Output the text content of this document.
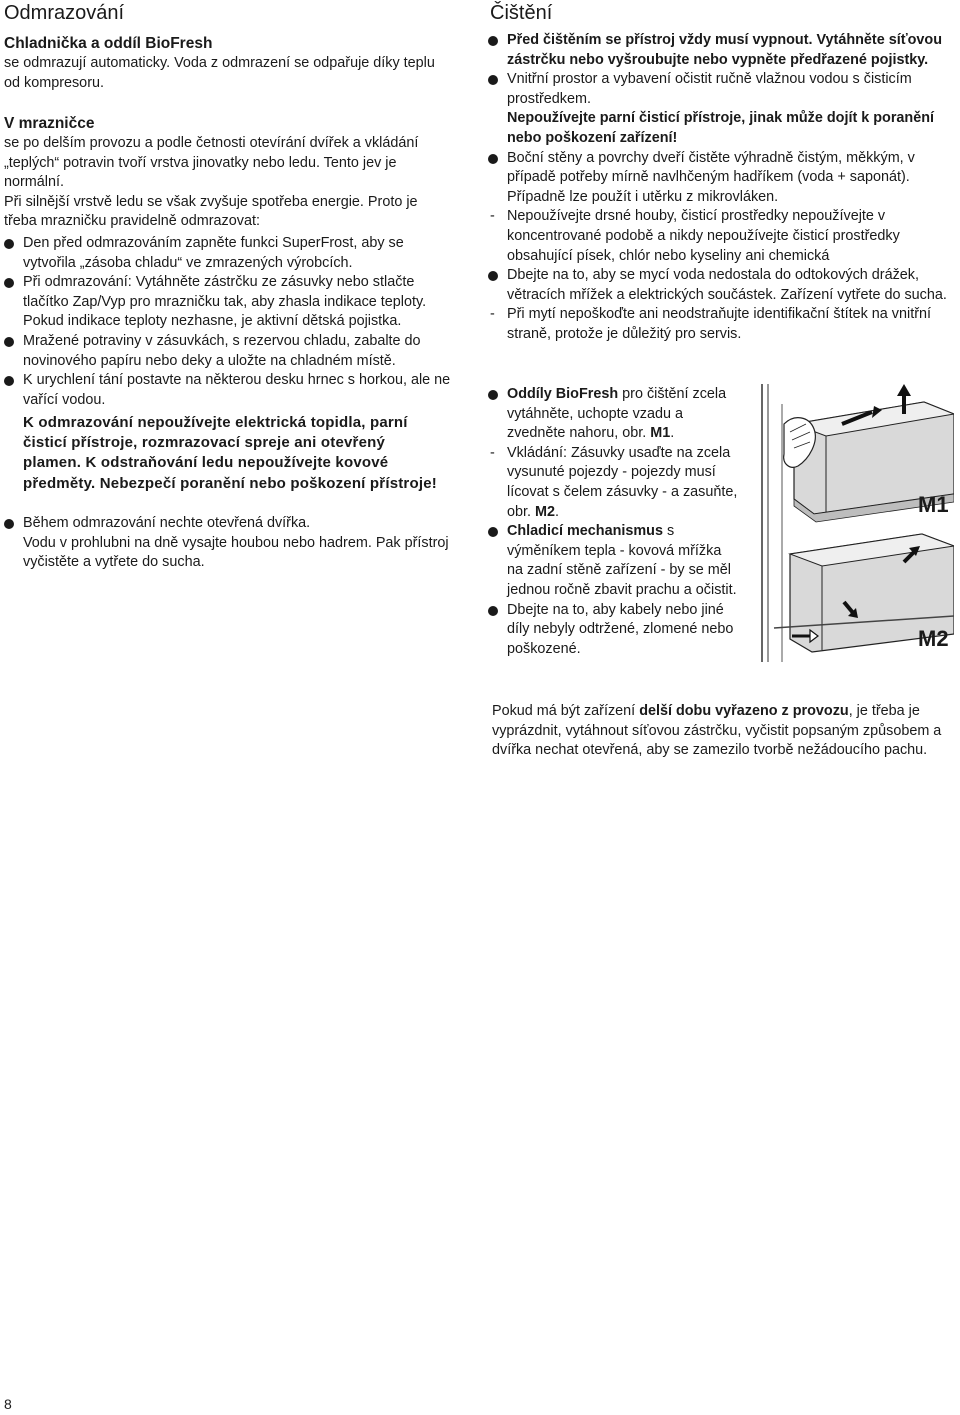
Odmrazování
Chladnička a oddíl BioFresh
se odmrazují automaticky. Voda z odmrazení se odpařuje díky teplu od kompresoru.
V mrazničce
se po delším provozu a podle četnosti otevírání dvířek a vkládání „teplých“ potravin tvoří vrstva jinovatky nebo ledu. Tento jev je normální.
Při silnější vrstvě ledu se však zvyšuje spotřeba energie. Proto je třeba mrazničku pravidelně odmrazovat:
Den před odmrazováním zapněte funkci SuperFrost, aby se vytvořila „zásoba chladu“ ve zmrazených výrobcích.
Při odmrazování: Vytáhněte zástrčku ze zásuvky nebo stlačte tlačítko Zap/Vyp pro mrazničku tak, aby zhasla indikace teploty.
Pokud indikace teploty nezhasne, je aktivní dětská pojistka.
Mražené potraviny v zásuvkách, s rezervou chladu, zabalte do novinového papíru nebo deky a uložte na chladném místě.
K urychlení tání postavte na některou desku hrnec s horkou, ale ne vařící vodou.
K odmrazování nepoužívejte elektrická topidla, parní čisticí přístroje, rozmrazovací spreje ani otevřený plamen. K odstraňování ledu nepoužívejte kovové předměty. Nebezpečí poranění nebo poškození přístroje!
Během odmrazování nechte otevřená dvířka.
Vodu v prohlubni na dně vysajte houbou nebo hadrem. Pak přístroj vyčistěte a vytřete do sucha.
Čištění
Před čištěním se přístroj vždy musí vypnout. Vytáhněte síťovou zástrčku nebo vyšroubujte nebo vypněte předřazené pojistky.
Vnitřní prostor a vybavení očistit ručně vlažnou vodou s čisticím prostředkem.
Nepoužívejte parní čisticí přístroje, jinak může dojít k poranění nebo poškození zařízení!
Boční stěny a povrchy dveří čistěte výhradně čistým, měkkým, v případě potřeby mírně navlhčeným hadříkem (voda + saponát). Případně lze použít i utěrku z mikrovláken.
- Nepoužívejte drsné houby, čisticí prostředky nepoužívejte v koncentrované podobě a nikdy nepoužívejte čisticí prostředky obsahující písek, chlór nebo kyseliny ani chemická
Dbejte na to, aby se mycí voda nedostala do odtokových drážek, větracích mřížek a elektrických součástek. Zařízení vytřete do sucha.
- Při mytí nepoškoďte ani neodstraňujte identifikační štítek na vnitřní straně, protože je důležitý pro servis.
Oddíly BioFresh pro čištění zcela vytáhněte, uchopte vzadu a zvedněte nahoru, obr. M1.
- Vkládání: Zásuvky usaďte na zcela vysunuté pojezdy - pojezdy musí lícovat s čelem zásuvky - a zasuňte, obr. M2.
Chladicí mechanismus s výměníkem tepla - kovová mřížka na zadní stěně zařízení - by se měl jednou ročně zbavit prachu a očistit.
Dbejte na to, aby kabely nebo jiné díly nebyly odtržené, zlomené nebo poškozené.
Pokud má být zařízení delší dobu vyřazeno z provozu, je třeba je vyprázdnit, vytáhnout síťovou zástrčku, vyčistit popsaným způsobem a dvířka nechat otevřená, aby se zamezilo tvorbě nežádoucího pachu.
M1
M2
8
